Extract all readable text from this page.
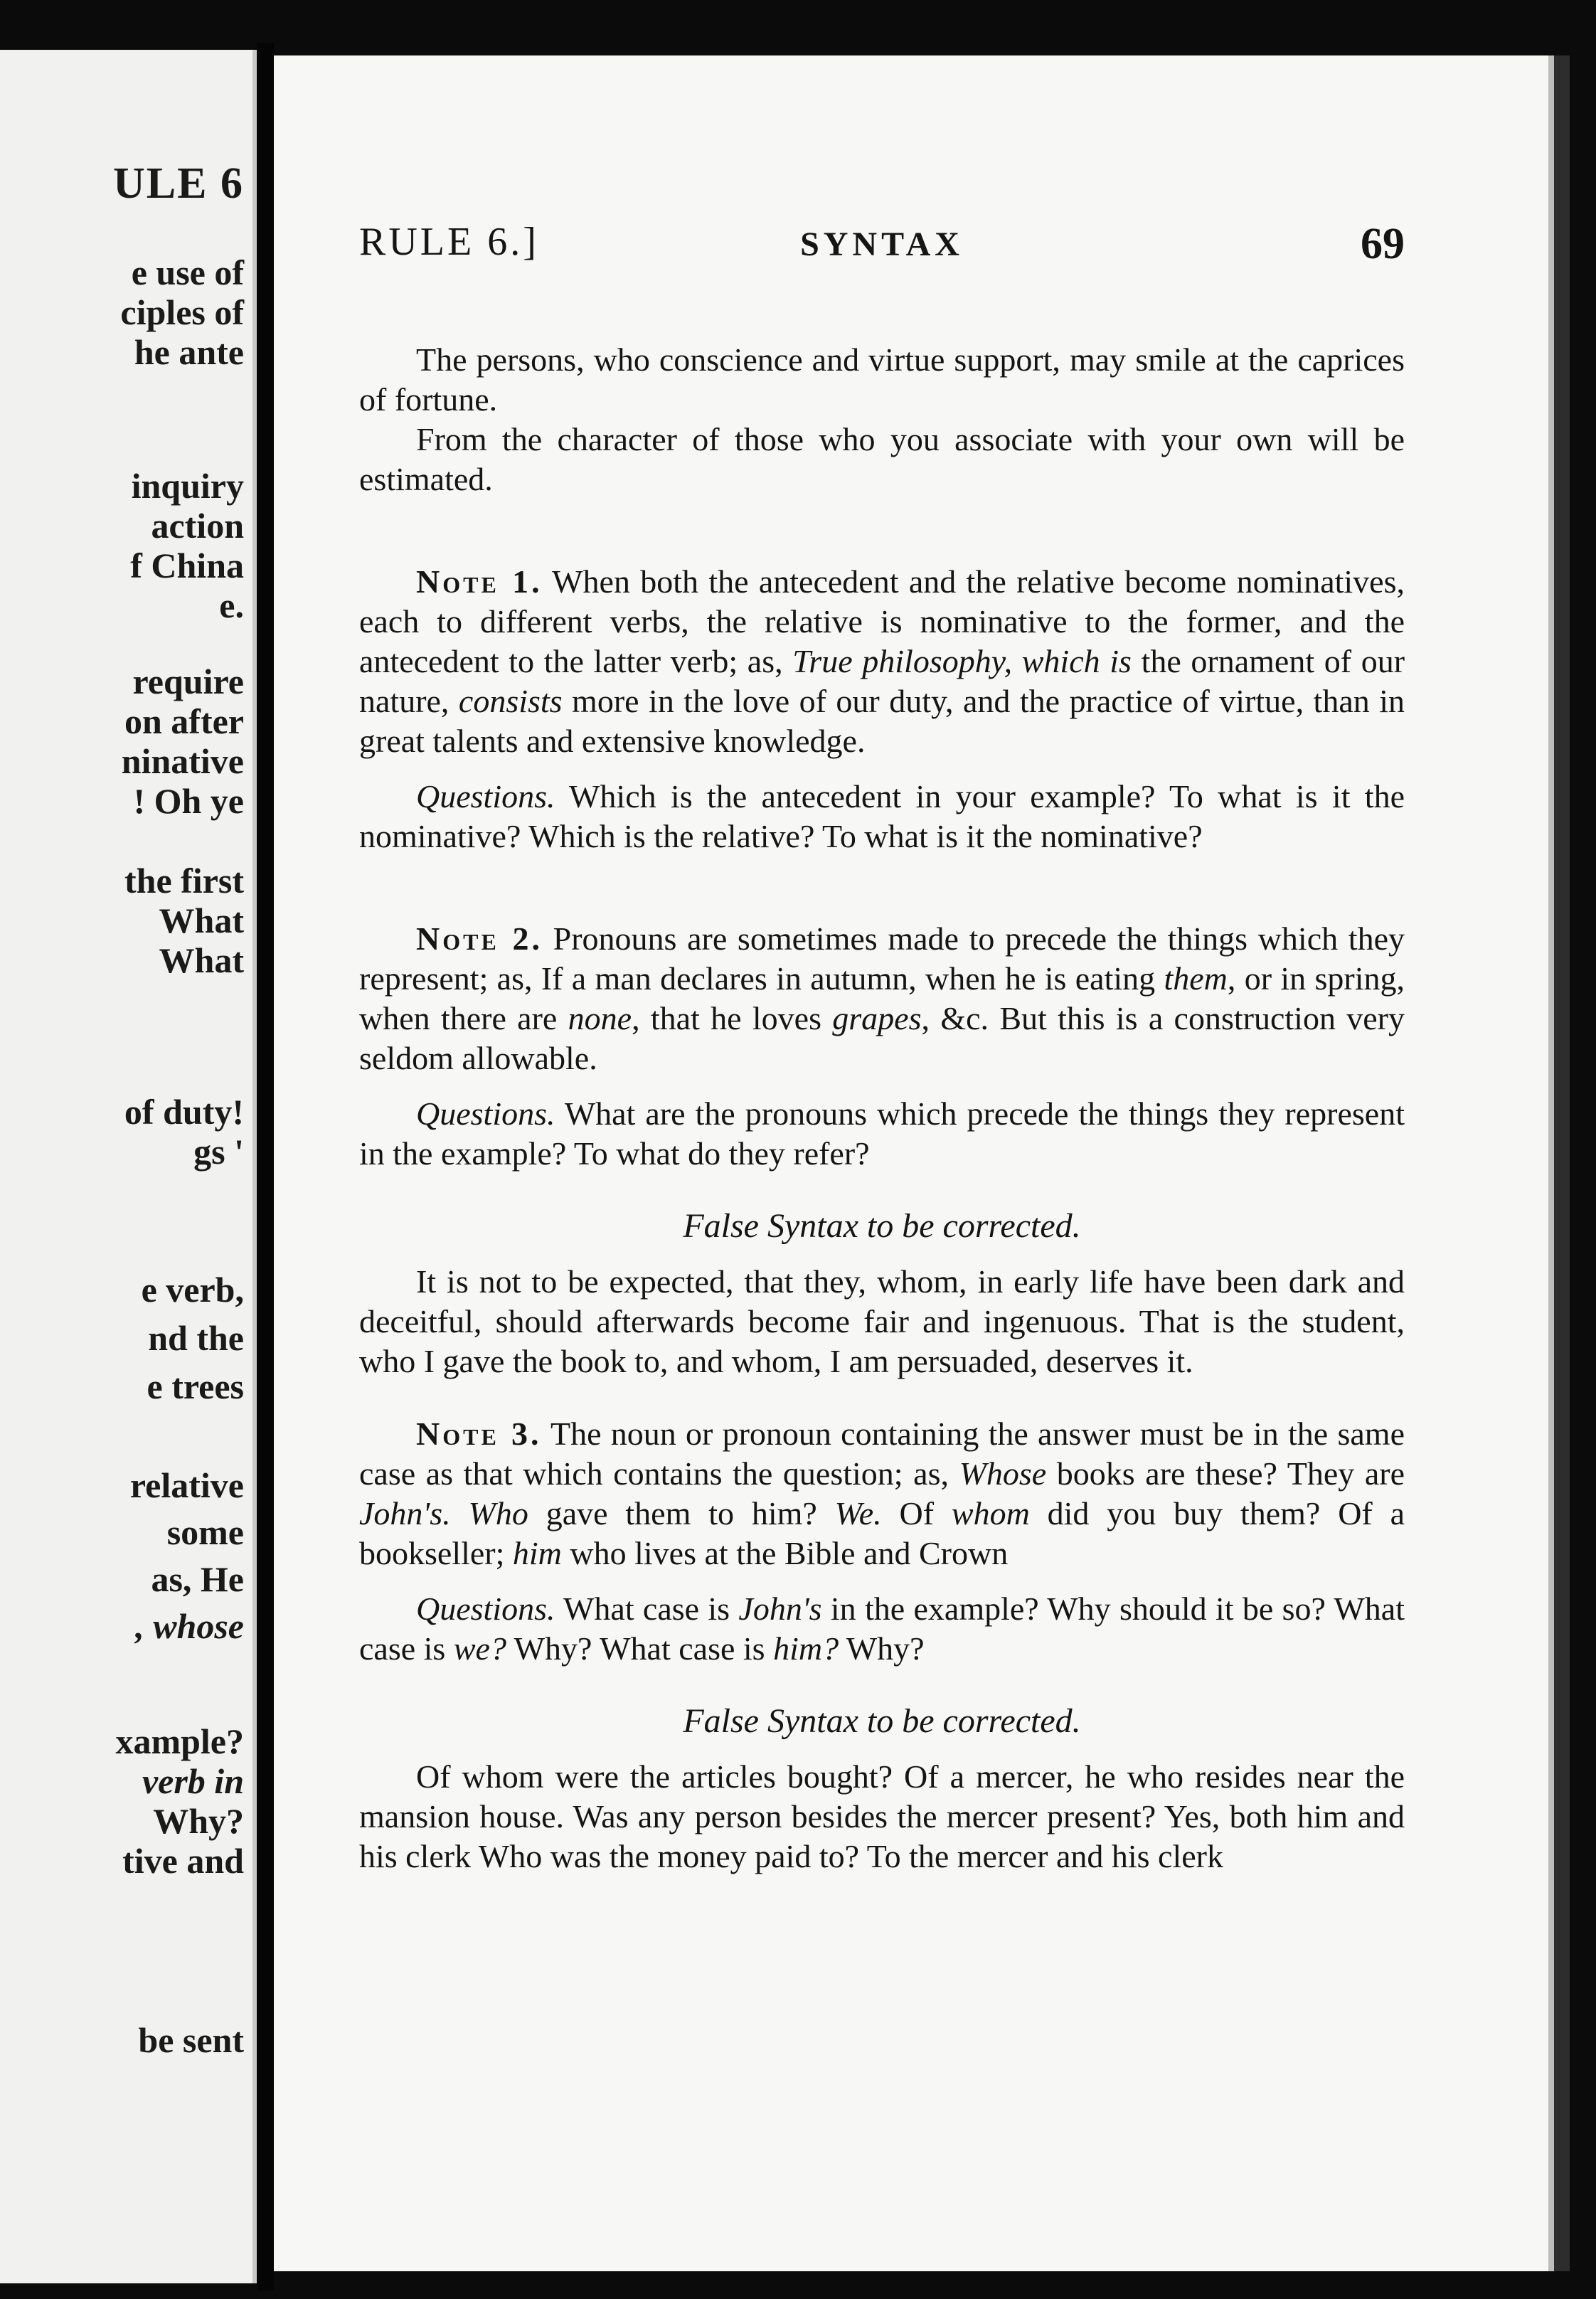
ULE 6
e use of
ciples of
he ante
inquiry
action
f China
e.
require
on after
ninative
! Oh ye
the first
What
What
of duty!
gs '
e verb,
nd the
e trees
relative
some
as, He
, whose
xample?
verb in
Why?
tive and
be sent
RULE 6.]	SYNTAX	69

The persons, who conscience and virtue support, may smile at the caprices of fortune.

From the character of those who you associate with your own will be estimated.

Note 1. When both the antecedent and the relative become nominatives, each to different verbs, the relative is nominative to the former, and the antecedent to the latter verb; as, True philosophy, which is the ornament of our nature, consists more in the love of our duty, and the practice of virtue, than in great talents and extensive knowledge.

Questions. Which is the antecedent in your example? To what is it the nominative? Which is the relative? To what is it the nominative?

Note 2. Pronouns are sometimes made to precede the things which they represent; as, If a man declares in autumn, when he is eating them, or in spring, when there are none, that he loves grapes, &c. But this is a construction very seldom allowable.

Questions. What are the pronouns which precede the things they represent in the example? To what do they refer?

False Syntax to be corrected.

It is not to be expected, that they, whom, in early life have been dark and deceitful, should afterwards become fair and ingenuous. That is the student, who I gave the book to, and whom, I am persuaded, deserves it.

Note 3. The noun or pronoun containing the answer must be in the same case as that which contains the question; as, Whose books are these? They are John's. Who gave them to him? We. Of whom did you buy them? Of a bookseller; him who lives at the Bible and Crown

Questions. What case is John's in the example? Why should it be so? What case is we? Why? What case is him? Why?

False Syntax to be corrected.

Of whom were the articles bought? Of a mercer, he who resides near the mansion house. Was any person besides the mercer present? Yes, both him and his clerk Who was the money paid to? To the mercer and his clerk
